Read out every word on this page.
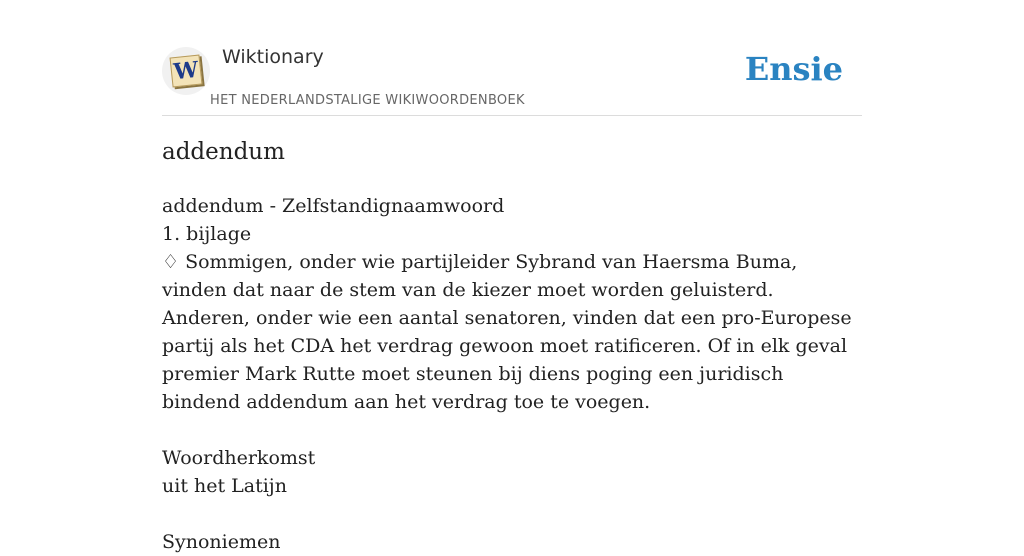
W Wiktionary
HET NEDERLANDSTALIGE WIKIWOORDENBOEK
Ensie
addendum

addendum - Zelfstandignaamwoord

1. bijlage

♢ Sommigen, onder wie partijleider Sybrand van Haersma Buma, vinden dat naar de stem van de kiezer moet worden geluisterd. Anderen, onder wie een aantal senatoren, vinden dat een pro-Europese partij als het CDA het verdrag gewoon moet ratificeren. Of in elk geval premier Mark Rutte moet steunen bij diens poging een juridisch bindend addendum aan het verdrag toe te voegen.

Woordherkomst

uit het Latijn

Synoniemen
